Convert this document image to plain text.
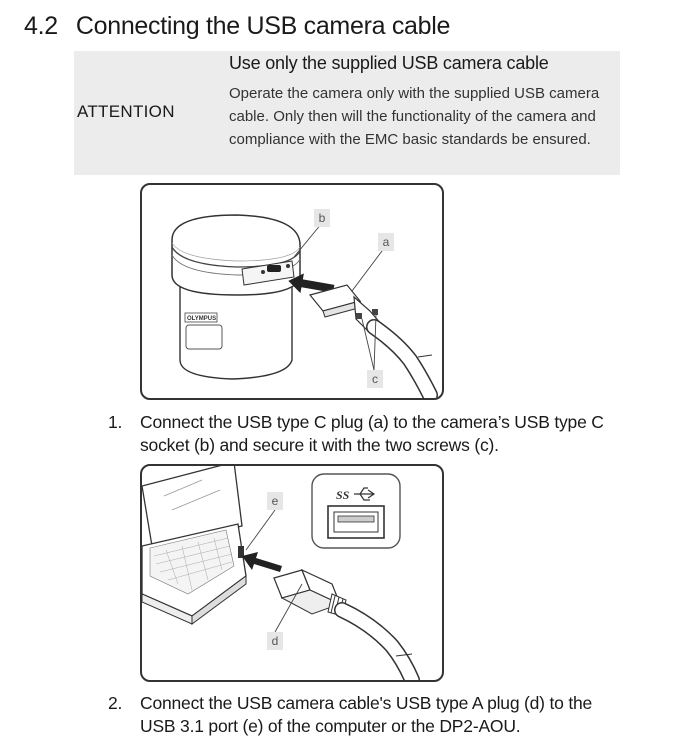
4.2 Connecting the USB camera cable
ATTENTION
Use only the supplied USB camera cable
Operate the camera only with the supplied USB camera cable. Only then will the functionality of the camera and compliance with the EMC basic standards be ensured.
OLYMPUS
b
a
c
1. Connect the USB type C plug (a) to the camera’s USB type C socket (b) and secure it with the two screws (c).
SS
e
d
2. Connect the USB camera cable's USB type A plug (d) to the USB 3.1 port (e) of the computer or the DP2-AOU.
